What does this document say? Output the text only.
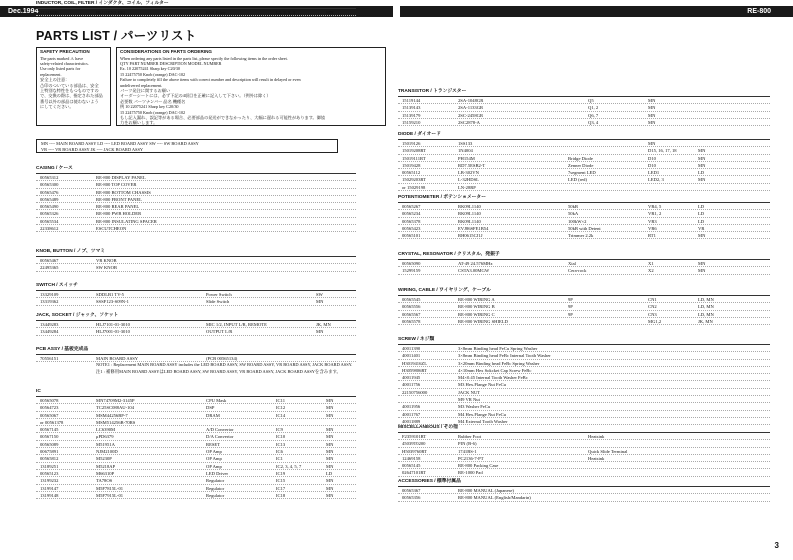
Dec.1994	RE-800
PARTS LIST / パーツリスト
SAFETY PRECAUTION

The parts marked ⚠ have

safety-related characteristics.

Use only listed parts for

replacement.

安全上の注意：

⚠印のついている部品は、安全

上特別な特性をもつものですの

で、交換の際は、指定された部品

番号以外の部品は使わないよう

にしてください。

CONSIDERATIONS ON PARTS ORDERING

When ordering any parts listed in the parts list, please specify the following items in the order sheet.

QTY PART NUMBER DESCRIPTION MODEL NUMBER

Ex. 10 22075241 Sharp key C20/30

15 22475750 Knob (orange) DAC-102

Failure to completely fill the above items with correct number and description will result in delayed or even

undelivered replacement.

パーツ発注に関するお願い

オーダーシートには、必ず下記の4項目を正確に記入して下さい。（例外は除く）

必要数 パーツナンバー 品名 機種名

例 10 22075241 Sharp key C20/30

15 22475750 Knob (orange) DAC-102

もし記入漏れ、誤記等がある場合、必要部品の発送ができなかったり、大幅に遅れる可能性があります。御協

力をお願いします。

MN ---- MAIN BOARD ASSY LD ---- LED BOARD ASSY SW ---- SW BOARD ASSY
VR ---- VR BOARD ASSY JK ---- JACK BOARD ASSY
CASING / ケース
00565312	RE-800 DISPLAY PANEL
00565300	RE-800 TOP COVER
00565476	RE-800 BOTTOM CHASSIS
00565489	RE-800 FRONT PANEL
00565490	RE-800 REAR PANEL
00565326	RE-800 PWB HOLDER
00565534	RE-800 INSULATING SPACER
22338612	ESCUTCHEON
KNOB, BUTTON / ノブ、ツマミ
00565467	VR KNOB
22495365	SW KNOB
SWITCH / スイッチ
13329109	SDDLB1 TV-5	Power Switch	SW
13319362	SSSF123-S09N-1	Slide Switch	MN
JACK, SOCKET / ジャック、ソケット
13449283	HLJ7101-01-3010	MIC 1/2, INPUT L/R, REMOTE	JK, MN
13449284	HLJ7001-01-3010	OUTPUT L/R	MN
PCB ASSY / 基板完成品
70556151	MAIN BOARD ASSY	(PCB 00565134)
NOTE1 : Replacement MAIN BOARD ASSY includes the LED BOARD ASSY, SW BOARD ASSY, VR BOARD ASSY, JACK BOARD ASSY.
注1 : 補修用MAIN BOARD ASSYはLED BOARD ASSY, SW BOARD ASSY, VR BOARD ASSY, JACK BOARD ASSYを含みます。
IC
00565078	MN74709M2-3145P	CPU Mask	IC11	MN
00564723	TC25SC088AU-104	DSP	IC12	MN
00565067	MSM44256BP-7	DRAM	IC14	MN
or 00561378	MSM514256B-70RS
00567145	LC6390M	A/D Convertor	IC9	MN
00567150	μPD6379	D/A Convertor	IC10	MN
00565089	M51951A	RESET	IC13	MN
00675891	NJM2100D	OP Amp	IC6	MN
00565812	M5230P	OP Amp	IC1	MN
13189251	M5218AP	OP Amp	IC2, 3, 4, 5, 7	MN
00565123	M66310P	LED Driver	IC19	LD
13199232	TA78OS	Regulator	IC15	MN
13199147	M5F7815L-01	Regulator	IC17	MN
13199148	M5F7915L-01	Regulator	IC18	MN
INDUCTOR, COIL, FILTER / インダクタ、コイル、フィルター
22443240	BLO2RN3-R62	EMI Filter	L1, 2, 3, 4	MN
TRANSISTOR / トランジスター
15119144	2SA-1048GR	Q5	MN
15139143	2SA-1133GR	Q1, 2	MN
15139179	2SC-2458GR	Q6, 7	MN
15159210	2SC2878-A	Q3, 4	MN
DIODE / ダイオード
15019126	1SS133	MN
15019208RT	1N4004	D15, 16, 17, 18	MN
15019111RT	PH154M	Bridge Diode	D10	MN
15019428	RD7.5ESB2-T	Zenner Diode	D10	MN
00565112	LB-302VN	7segment LED	LED1	LD
15029203RT	L-32HDSL	LED (red)	LED2, 3	MN
or 15029198	LN-28RP
POTENTIOMETER / ポテンショメーター
00565267	RK09L1140	50kB	VR4, 5	LD
00565234	RK09L1140	50kA	VR1, 2	LD
00565378	RK09L1140	100kW×2	VR3	LD
00565423	EVJ86SFE1B54	50kB with Detent	VR6	VR
00565101	RH0615CJ1J	Trimmer 2.2k	RT1	MN
CRYSTAL, RESONATOR / クリスタル、発振子
00565090	AT-49 24.576MHz	Xtal	X1	MN
15299159	CSTA3.00MGW	Cera-rock	X2	MN
WIRING, CABLE / ワイヤリング、ケーブル
00565545	RE-800 WIRING A	9P	CN1	LD, MN
00565556	RE-800 WIRING B	9P	CN2	LD, MN
00565567	RE-800 WIRING C	9P	CN3	LD, MN
00565578	RE-800 WIRING SHIELD	MG1,2	JK, MN
SCREW / ネジ類
40011390	3×8mm Binding head FeCu Spring Washer
40011401	3×8mm Binding head FeBc Internal Tooth Washer
H3019416ZL	3×20mm Binding head FeBc Spring Washer
H3059806RT	4×10mm Hex Sokcket Cap Screw FeBc
40011945	M4×0.45 Internal Tooth Washer FeBc
40011756	M3 Hex.Flange Nut FeCu
22150756000	JACK NUT
M9 VR Nut
40011956	M3 Washer FeCu
40011767	M4 Hex.Flange Nut FeCu
40011889	M4 External Tooth Washer
MISCELLANEOUS / その他
F2359101RT	Rubber Foot	Heatsink
45039T0200	PIN (B-6)
H5039760RT	1741BS-1	Quick Slide Terminal
12469158	PC2136-7-PT	Heatsink
00565145	RE-800 Packing Case
02647101RT	RE-1000 Pad
ACCESSORIES / 標準付属品
00565367	RE-800 MANUAL (Japanese)
00565356	RE-800 MANUAL (English/Mandarin)
3
